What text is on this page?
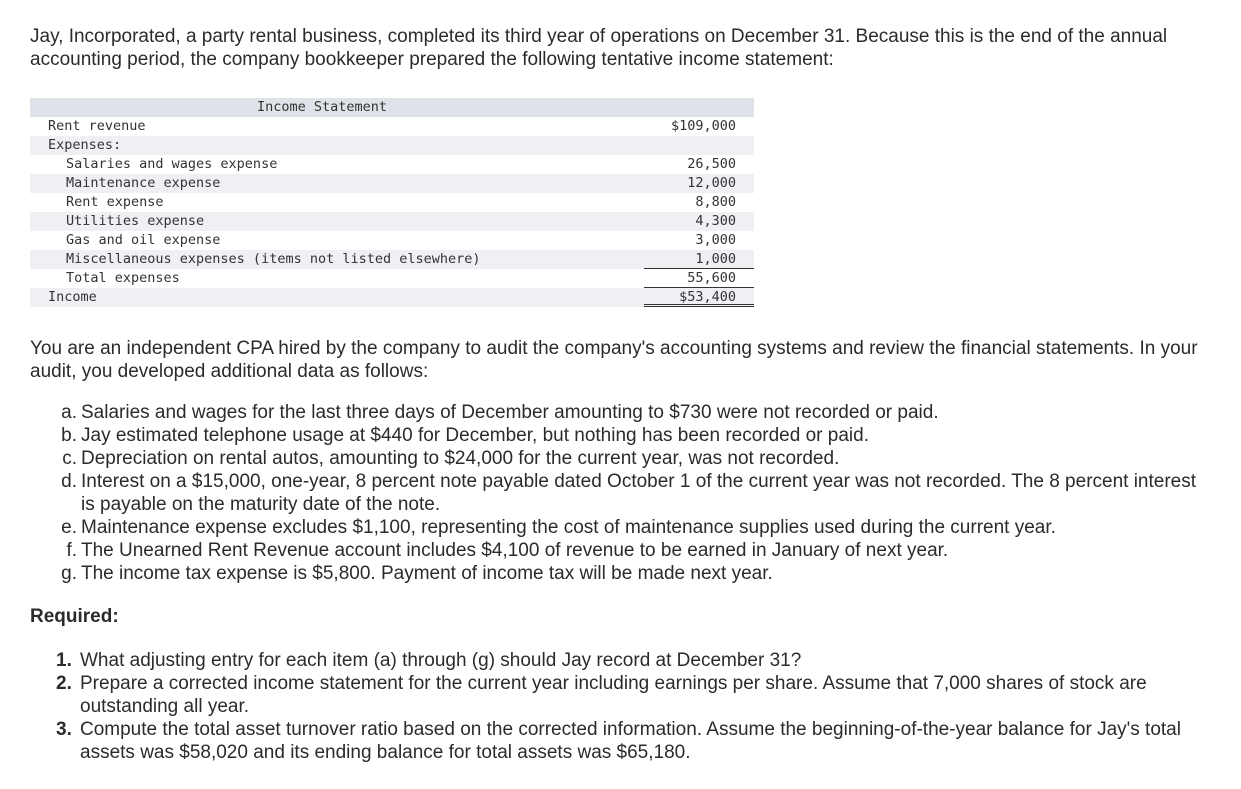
Jay, Incorporated, a party rental business, completed its third year of operations on December 31. Because this is the end of the annual accounting period, the company bookkeeper prepared the following tentative income statement:

Income Statement
Rent revenue	$109,000
Expenses:
Salaries and wages expense	26,500
Maintenance expense	12,000
Rent expense	8,800
Utilities expense	4,300
Gas and oil expense	3,000
Miscellaneous expenses (items not listed elsewhere)	1,000
Total expenses	55,600
Income	$53,400

You are an independent CPA hired by the company to audit the company's accounting systems and review the financial statements. In your audit, you developed additional data as follows:

a. Salaries and wages for the last three days of December amounting to $730 were not recorded or paid.
b. Jay estimated telephone usage at $440 for December, but nothing has been recorded or paid.
c. Depreciation on rental autos, amounting to $24,000 for the current year, was not recorded.
d. Interest on a $15,000, one-year, 8 percent note payable dated October 1 of the current year was not recorded. The 8 percent interest is payable on the maturity date of the note.
e. Maintenance expense excludes $1,100, representing the cost of maintenance supplies used during the current year.
f. The Unearned Rent Revenue account includes $4,100 of revenue to be earned in January of next year.
g. The income tax expense is $5,800. Payment of income tax will be made next year.

Required:

1. What adjusting entry for each item (a) through (g) should Jay record at December 31?
2. Prepare a corrected income statement for the current year including earnings per share. Assume that 7,000 shares of stock are outstanding all year.
3. Compute the total asset turnover ratio based on the corrected information. Assume the beginning-of-the-year balance for Jay's total assets was $58,020 and its ending balance for total assets was $65,180.
